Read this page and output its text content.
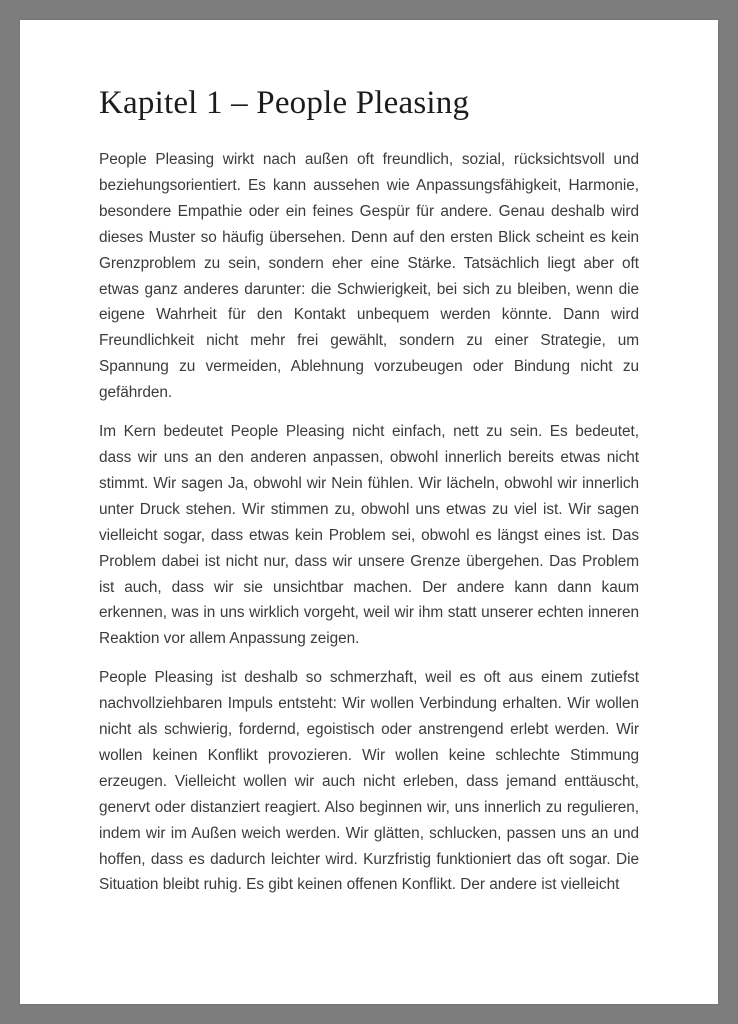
Kapitel 1 – People Pleasing

People Pleasing wirkt nach außen oft freundlich, sozial, rücksichtsvoll und beziehungsorientiert. Es kann aussehen wie Anpassungsfähigkeit, Harmonie, besondere Empathie oder ein feines Gespür für andere. Genau deshalb wird dieses Muster so häufig übersehen. Denn auf den ersten Blick scheint es kein Grenzproblem zu sein, sondern eher eine Stärke. Tatsächlich liegt aber oft etwas ganz anderes darunter: die Schwierigkeit, bei sich zu bleiben, wenn die eigene Wahrheit für den Kontakt unbequem werden könnte. Dann wird Freundlichkeit nicht mehr frei gewählt, sondern zu einer Strategie, um Spannung zu vermeiden, Ablehnung vorzubeugen oder Bindung nicht zu gefährden.

Im Kern bedeutet People Pleasing nicht einfach, nett zu sein. Es bedeutet, dass wir uns an den anderen anpassen, obwohl innerlich bereits etwas nicht stimmt. Wir sagen Ja, obwohl wir Nein fühlen. Wir lächeln, obwohl wir innerlich unter Druck stehen. Wir stimmen zu, obwohl uns etwas zu viel ist. Wir sagen vielleicht sogar, dass etwas kein Problem sei, obwohl es längst eines ist. Das Problem dabei ist nicht nur, dass wir unsere Grenze übergehen. Das Problem ist auch, dass wir sie unsichtbar machen. Der andere kann dann kaum erkennen, was in uns wirklich vorgeht, weil wir ihm statt unserer echten inneren Reaktion vor allem Anpassung zeigen.

People Pleasing ist deshalb so schmerzhaft, weil es oft aus einem zutiefst nachvollziehbaren Impuls entsteht: Wir wollen Verbindung erhalten. Wir wollen nicht als schwierig, fordernd, egoistisch oder anstrengend erlebt werden. Wir wollen keinen Konflikt provozieren. Wir wollen keine schlechte Stimmung erzeugen. Vielleicht wollen wir auch nicht erleben, dass jemand enttäuscht, genervt oder distanziert reagiert. Also beginnen wir, uns innerlich zu regulieren, indem wir im Außen weich werden. Wir glätten, schlucken, passen uns an und hoffen, dass es dadurch leichter wird. Kurzfristig funktioniert das oft sogar. Die Situation bleibt ruhig. Es gibt keinen offenen Konflikt. Der andere ist vielleicht
